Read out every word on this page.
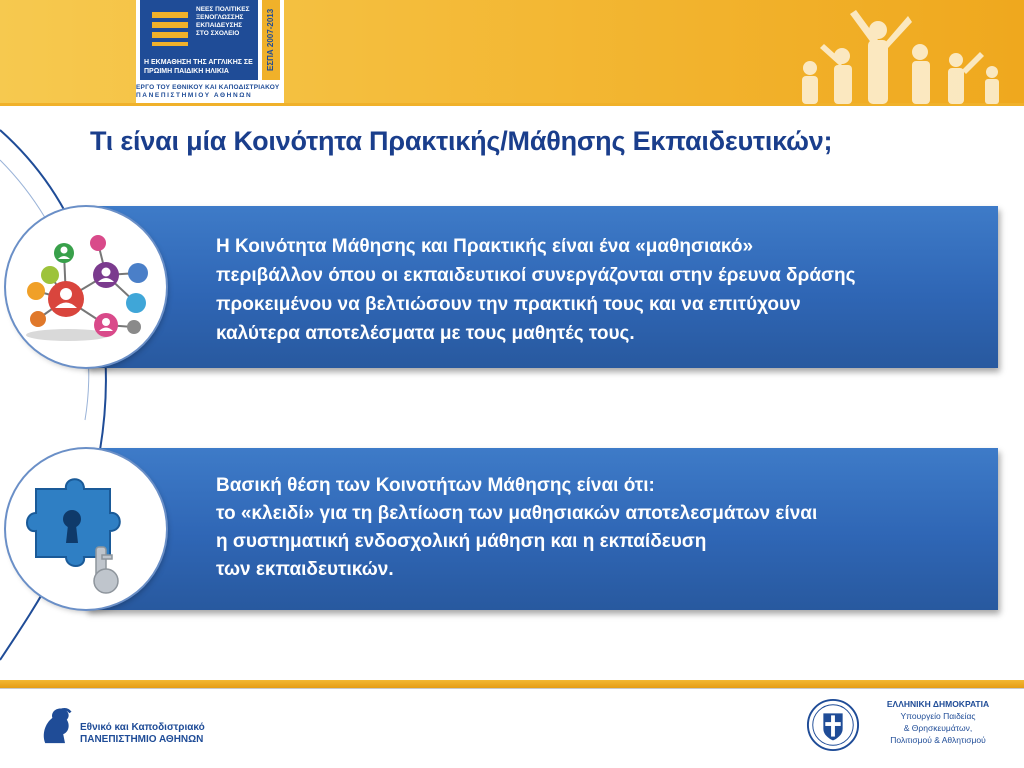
ΝΕΕΣ ΠΟΛΙΤΙΚΕΣ
ΞΕΝΟΓΛΩΣΣΗΣ
ΕΚΠΑΙΔΕΥΣΗΣ
ΣΤΟ ΣΧΟΛΕΙΟ
Η ΕΚΜΑΘΗΣΗ ΤΗΣ ΑΓΓΛΙΚΗΣ ΣΕ
ΠΡΩΙΜΗ ΠΑΙΔΙΚΗ ΗΛΙΚΙΑ
ΕΣΠΑ 2007-2013
ΕΡΓΟ ΤΟΥ ΕΘΝΙΚΟΥ ΚΑΙ ΚΑΠΟΔΙΣΤΡΙΑΚΟΥ
ΠΑΝΕΠΙΣΤΗΜΙΟΥ ΑΘΗΝΩΝ
Τι είναι μία Κοινότητα Πρακτικής/Μάθησης Εκπαιδευτικών;
Η Κοινότητα Μάθησης και Πρακτικής είναι ένα «μαθησιακό»
περιβάλλον όπου οι εκπαιδευτικοί συνεργάζονται στην έρευνα δράσης
προκειμένου να βελτιώσουν την πρακτική τους και να επιτύχουν
καλύτερα αποτελέσματα με τους μαθητές τους.
Βασική θέση των Κοινοτήτων Μάθησης είναι ότι:
το «κλειδί» για τη βελτίωση των μαθησιακών αποτελεσμάτων είναι
η συστηματική ενδοσχολική μάθηση και η εκπαίδευση
των εκπαιδευτικών.
Εθνικό και Καποδιστριακό
ΠΑΝΕΠΙΣΤΗΜΙΟ ΑΘΗΝΩΝ
ΕΛΛΗΝΙΚΗ ΔΗΜΟΚΡΑΤΙΑ
Υπουργείο Παιδείας
& Θρησκευμάτων,
Πολιτισμού & Αθλητισμού
